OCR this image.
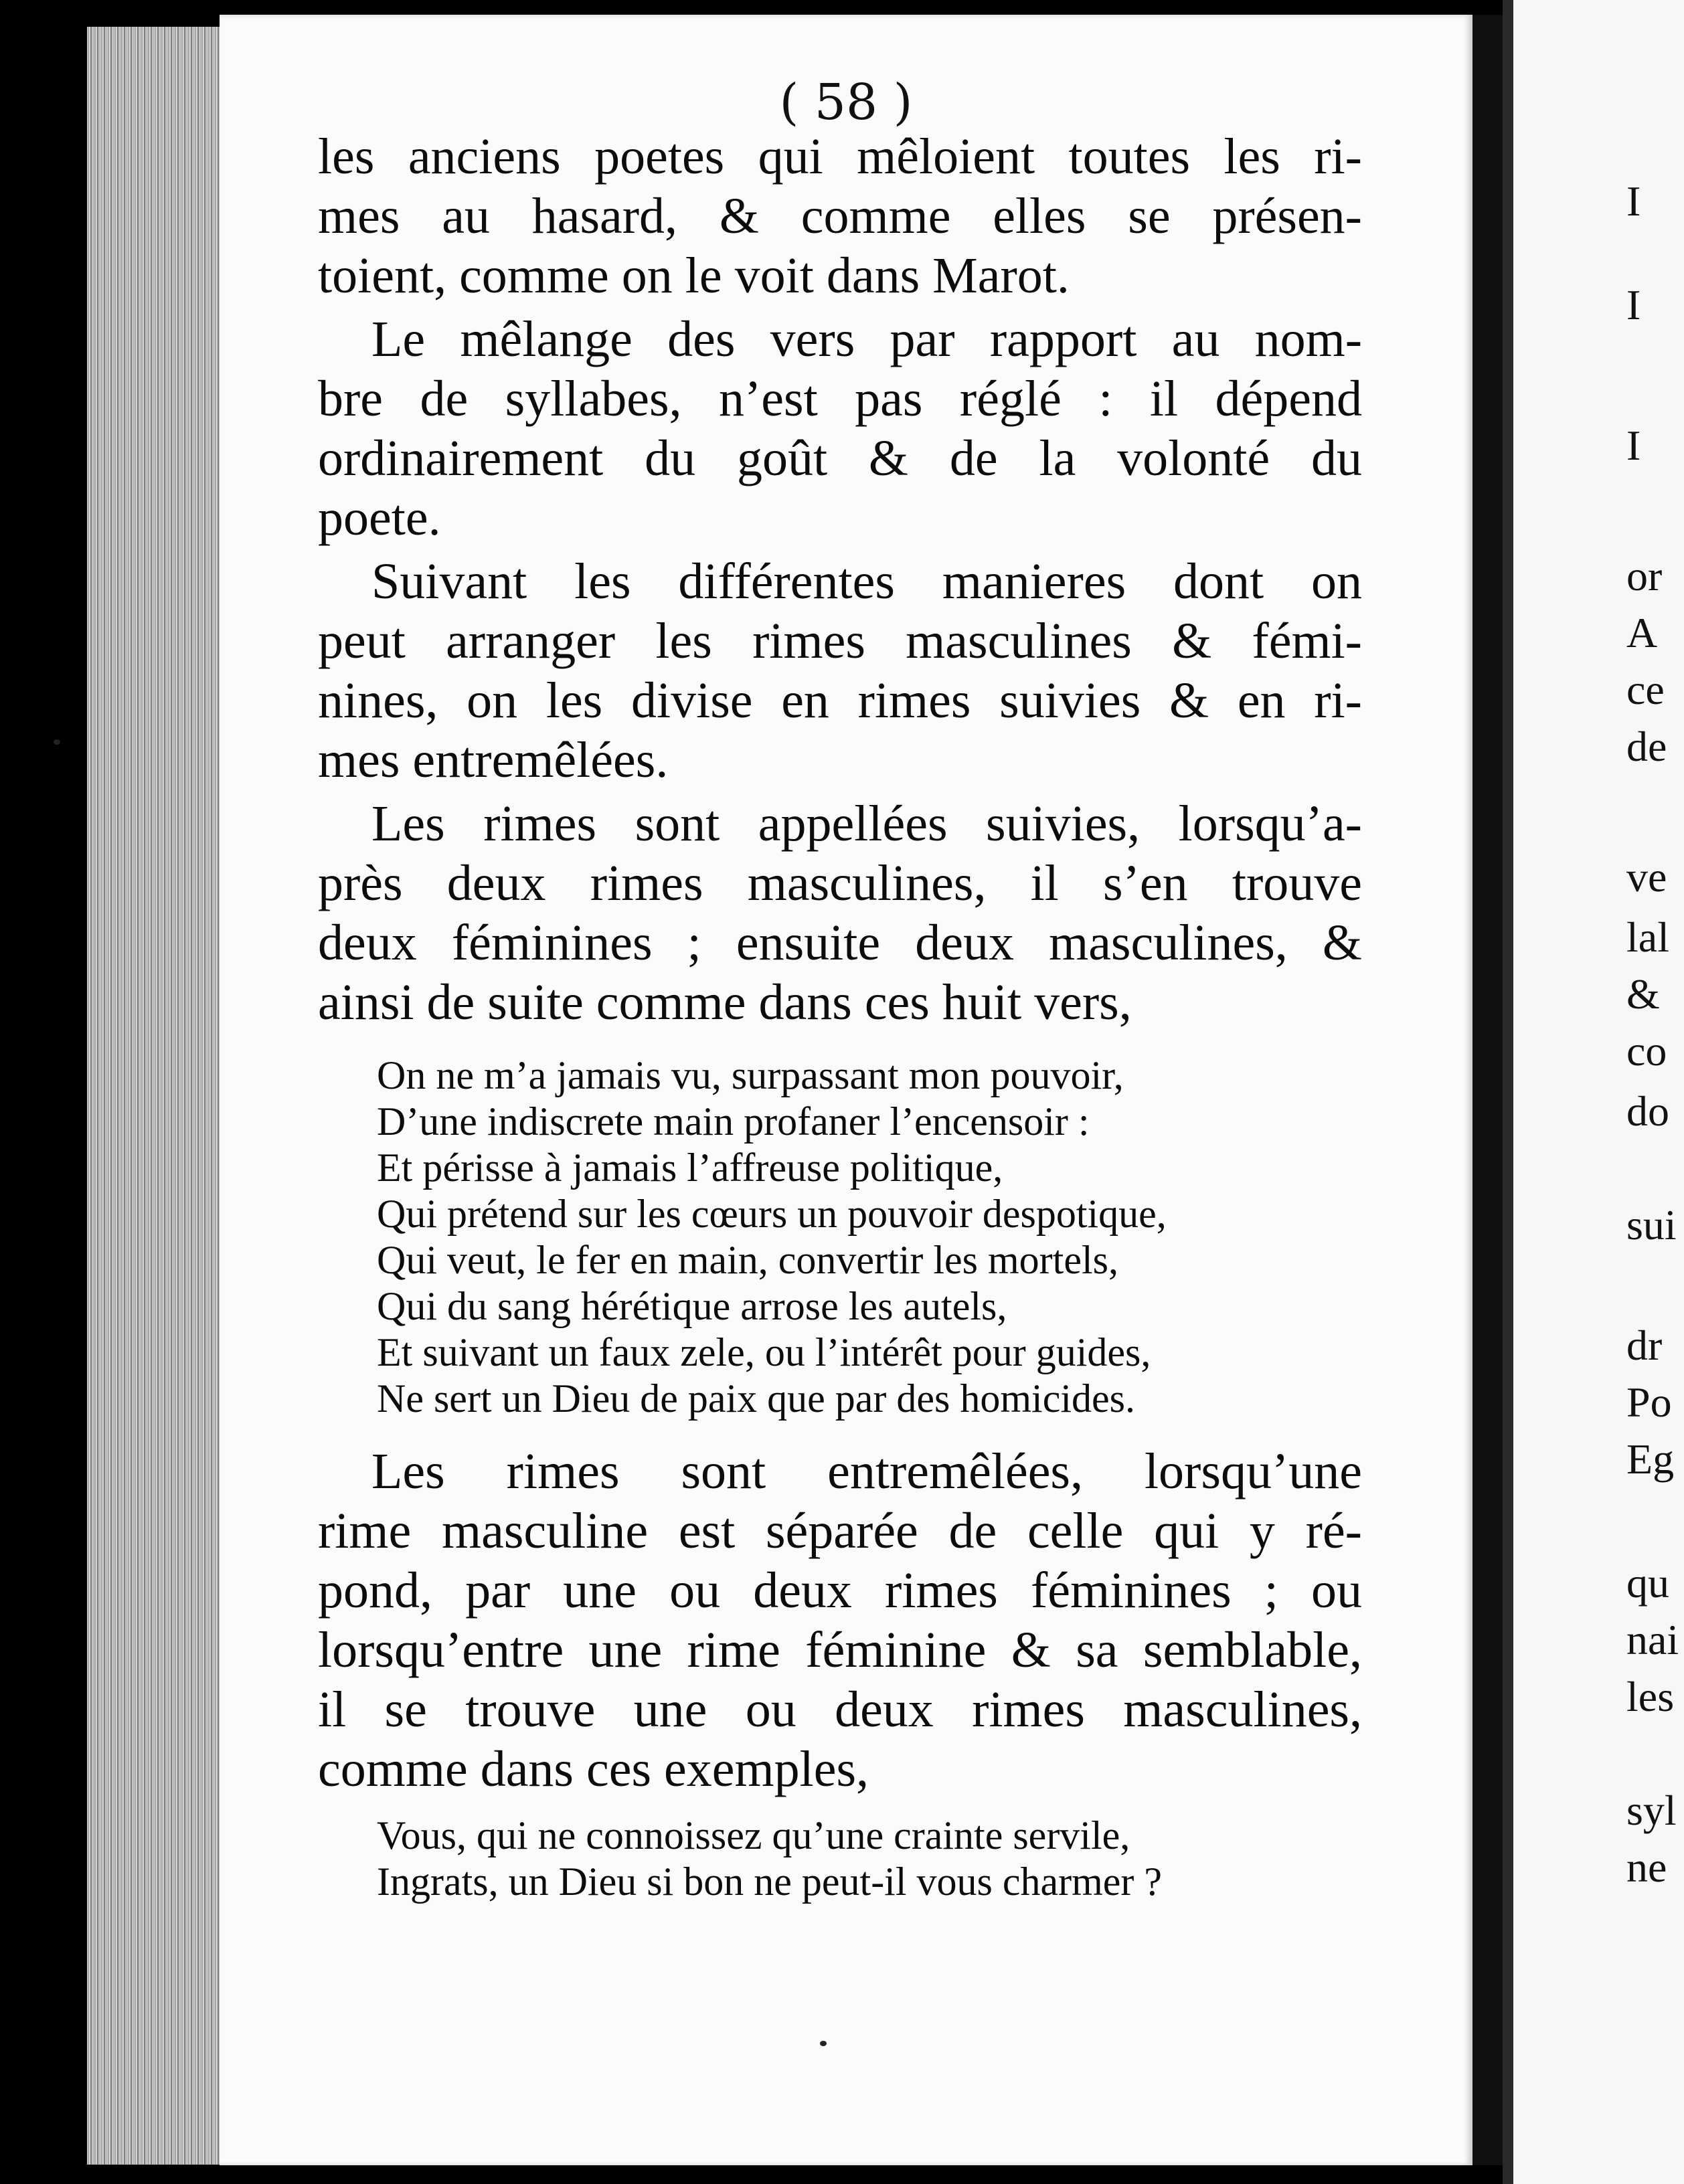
( 58 )
les anciens poetes qui mêloient toutes les ri-
mes au hasard, & comme elles se présen-
toient, comme on le voit dans Marot.
Le mêlange des vers par rapport au nom-
bre de syllabes, n’est pas réglé : il dépend
ordinairement du goût & de la volonté du
poete.
Suivant les différentes manieres dont on
peut arranger les rimes masculines & fémi-
nines, on les divise en rimes suivies & en ri-
mes entremêlées.
Les rimes sont appellées suivies, lorsqu’a-
près deux rimes masculines, il s’en trouve
deux féminines ; ensuite deux masculines, &
ainsi de suite comme dans ces huit vers,
On ne m’a jamais vu, surpassant mon pouvoir,
D’une indiscrete main profaner l’encensoir :
Et périsse à jamais l’affreuse politique,
Qui prétend sur les cœurs un pouvoir despotique,
Qui veut, le fer en main, convertir les mortels,
Qui du sang hérétique arrose les autels,
Et suivant un faux zele, ou l’intérêt pour guides,
Ne sert un Dieu de paix que par des homicides.
Les rimes sont entremêlées, lorsqu’une
rime masculine est séparée de celle qui y ré-
pond, par une ou deux rimes féminines ; ou
lorsqu’entre une rime féminine & sa semblable,
il se trouve une ou deux rimes masculines,
comme dans ces exemples,
Vous, qui ne connoissez qu’une crainte servile,
Ingrats, un Dieu si bon ne peut-il vous charmer ?
I
I
I
or
A
ce
de
ve
lal
&
co
do
sui
dr
Po
Eg
qu
nai
les
syl
ne
